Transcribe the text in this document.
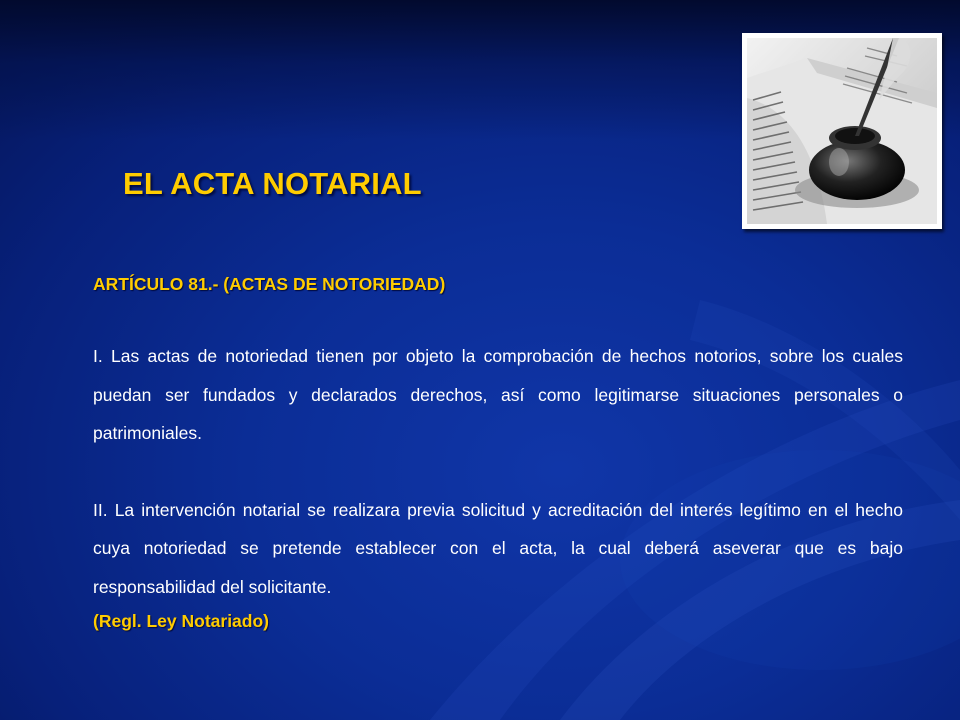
EL ACTA NOTARIAL

ARTÍCULO 81.- (ACTAS DE NOTORIEDAD)

I. Las actas de notoriedad tienen por objeto la comprobación de hechos notorios, sobre los cuales puedan ser fundados y declarados derechos, así como legitimarse situaciones personales o patrimoniales.

II. La intervención notarial se realizara previa solicitud y acreditación del interés legítimo en el hecho cuya notoriedad se pretende establecer con el acta, la cual deberá aseverar que es bajo responsabilidad del solicitante.

(Regl. Ley Notariado)
